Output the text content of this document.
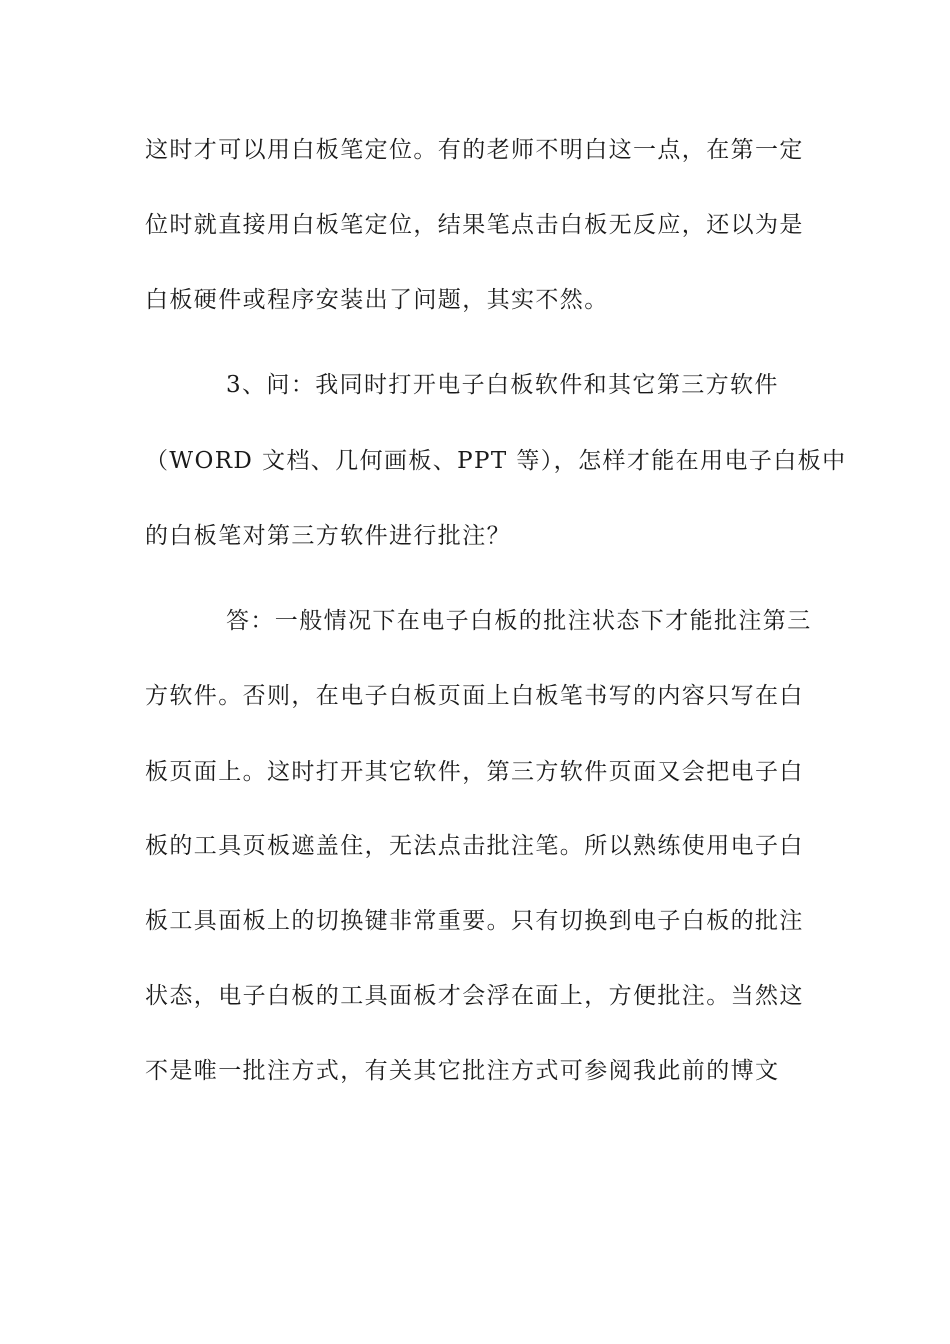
这时才可以用白板笔定位。有的老师不明白这一点，在第一定
位时就直接用白板笔定位，结果笔点击白板无反应，还以为是
白板硬件或程序安装出了问题，其实不然。
3、问：我同时打开电子白板软件和其它第三方软件
（WORD 文档、几何画板、PPT 等），怎样才能在用电子白板中
的白板笔对第三方软件进行批注？
答：一般情况下在电子白板的批注状态下才能批注第三
方软件。否则，在电子白板页面上白板笔书写的内容只写在白
板页面上。这时打开其它软件，第三方软件页面又会把电子白
板的工具页板遮盖住，无法点击批注笔。所以熟练使用电子白
板工具面板上的切换键非常重要。只有切换到电子白板的批注
状态，电子白板的工具面板才会浮在面上，方便批注。当然这
不是唯一批注方式，有关其它批注方式可参阅我此前的博文
